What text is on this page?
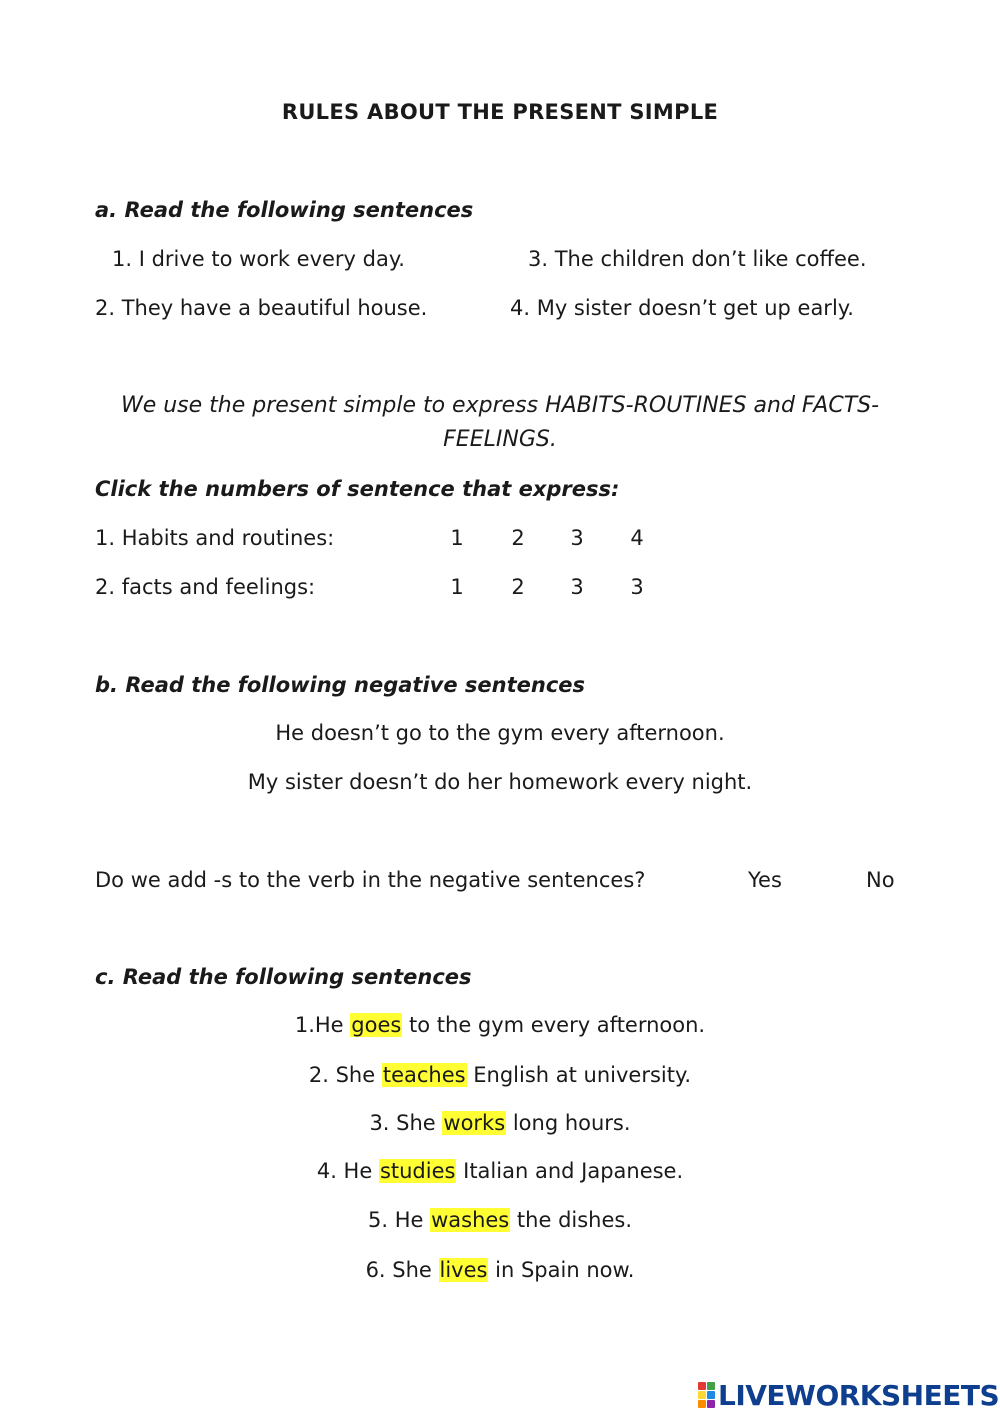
RULES ABOUT THE PRESENT SIMPLE
a. Read the following sentences
1. I drive to work every day.	3. The children don’t like coffee.
2. They have a beautiful house.	4. My sister doesn’t get up early.
We use the present simple to express HABITS-ROUTINES and FACTS-
FEELINGS.
Click the numbers of sentence that express:
1. Habits and routines:	1 2 3 4
2. facts and feelings:	1 2 3 3
b. Read the following negative sentences
He doesn’t go to the gym every afternoon.
My sister doesn’t do her homework every night.
Do we add -s to the verb in the negative sentences?	Yes	No
c. Read the following sentences
1.He goes to the gym every afternoon.
2. She teaches English at university.
3. She works long hours.
4. He studies Italian and Japanese.
5. He washes the dishes.
6. She lives in Spain now.
LIVEWORKSHEETS
